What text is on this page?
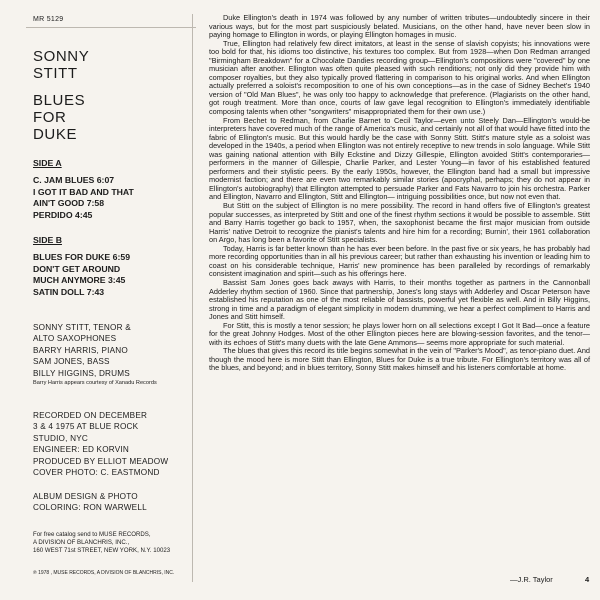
MR 5129
SONNY
STITT
BLUES
FOR
DUKE
SIDE A
C. JAM BLUES 6:07
I GOT IT BAD AND THAT
AIN'T GOOD 7:58
PERDIDO 4:45
SIDE B
BLUES FOR DUKE 6:59
DON'T GET AROUND
MUCH ANYMORE 3:45
SATIN DOLL 7:43
SONNY STITT, TENOR &
ALTO SAXOPHONES
BARRY HARRIS, PIANO
SAM JONES, BASS
BILLY HIGGINS, DRUMS
Barry Harris appears courtesy of Xanadu Records
RECORDED ON DECEMBER
3 & 4 1975 AT BLUE ROCK
STUDIO, NYC
ENGINEER: ED KORVIN
PRODUCED BY ELLIOT MEADOW
COVER PHOTO: C. EASTMOND
ALBUM DESIGN & PHOTO
COLORING: RON WARWELL
For free catalog send to MUSE RECORDS,
A DIVISION OF BLANCHRIS, INC.,
160 WEST 71st STREET, NEW YORK, N.Y. 10023
℗ 1978 , MUSE RECORDS, A DIVISION OF BLANCHRIS, INC.

Duke Ellington's death in 1974 was followed by any number of written tributes—undoubtedly sincere in their various ways, but for the most part suspiciously belated. Musicians, on the other hand, have never been slow in paying homage to Ellington in words, or playing Ellington homages in music.

True, Ellington had relatively few direct imitators, at least in the sense of slavish copyists; his innovations were too bold for that, his idioms too distinctive, his textures too complex. But from 1928—when Don Redman arranged "Birmingham Breakdown" for a Chocolate Dandies recording group—Ellington's compositions were "covered" by one musician after another. Ellington was often quite pleased with such renditions; not only did they provide him with composer royalties, but they also typically proved flattering in comparison to his original works. And when Ellington actually preferred a soloist's recomposition to one of his own conceptions—as in the case of Sidney Bechet's 1940 version of "Old Man Blues", he was only too happy to acknowledge that preference. (Plagiarists on the other hand, got rough treatment. More than once, courts of law gave legal recognition to Ellington's immediately identifiable composing talents when other "songwriters" misappropriated them for their own use.)

From Bechet to Redman, from Charlie Barnet to Cecil Taylor—even unto Steely Dan—Ellington's would-be interpreters have covered much of the range of America's music, and certainly not all of that would have fitted into the fabric of Ellington's music. But this would hardly be the case with Sonny Stitt. Stitt's mature style as a soloist was developed in the 1940s, a period when Ellington was not entirely receptive to new trends in solo language. While Stitt was gaining national attention with Billy Eckstine and Dizzy Gillespie, Ellington avoided Stitt's contemporaries—performers in the manner of Gillespie, Charlie Parker, and Lester Young—in favor of his established featured performers and their stylistic peers. By the early 1950s, however, the Ellington band had a small but impressive modernist faction; and there are even two remarkably similar stories (apocryphal, perhaps; they do not appear in Ellington's autobiography) that Ellington attempted to persuade Parker and Fats Navarro to join his orchestra. Parker and Ellington, Navarro and Ellington, Stitt and Ellington— intriguing possibilities once, but now not even that.

But Stitt on the subject of Ellington is no mere possibility. The record in hand offers five of Ellington's greatest popular successes, as interpreted by Stitt and one of the finest rhythm sections it would be possible to assemble. Stitt and Barry Harris together go back to 1957, when, the saxophonist became the first major musician from outside Harris' native Detroit to recognize the pianist's talents and hire him for a recording; Burnin', their 1961 collaboration on Argo, has long been a favorite of Stitt specialists.

Today, Harris is far better known than he has ever been before. In the past five or six years, he has probably had more recording opportunities than in all his previous career; but rather than exhausting his invention or leading him to coast on his considerable technique, Harris' new prominence has been paralleled by recordings of remarkably consistent imagination and spirit—such as his offerings here.

Bassist Sam Jones goes back aways with Harris, to their months together as partners in the Cannonball Adderley rhythm section of 1960. Since that partnership, Jones's long stays with Adderley and Oscar Peterson have established his reputation as one of the most reliable of bassists, powerful yet flexible as well. And in Billy Higgins, strong in time and a paradigm of elegant simplicity in modern drumming, we hear a perfect compliment to Harris and Jones and Stitt himself.

For Stitt, this is mostly a tenor session; he plays lower horn on all selections except I Got It Bad—once a feature for the great Johnny Hodges. Most of the other Ellington pieces here are blowing-session favorites, and the tenor—with its echoes of Stitt's many duets with the late Gene Ammons— seems more appropriate for such material.

The blues that gives this record its title begins somewhat in the vein of "Parker's Mood", as tenor-piano duet. And though the mood here is more Stitt than Ellington, Blues for Duke is a true tribute. For Ellington's territory was all of the blues, and beyond; and in blues territory, Sonny Stitt makes himself and his listeners comfortable at home.

—J.R. Taylor	4
